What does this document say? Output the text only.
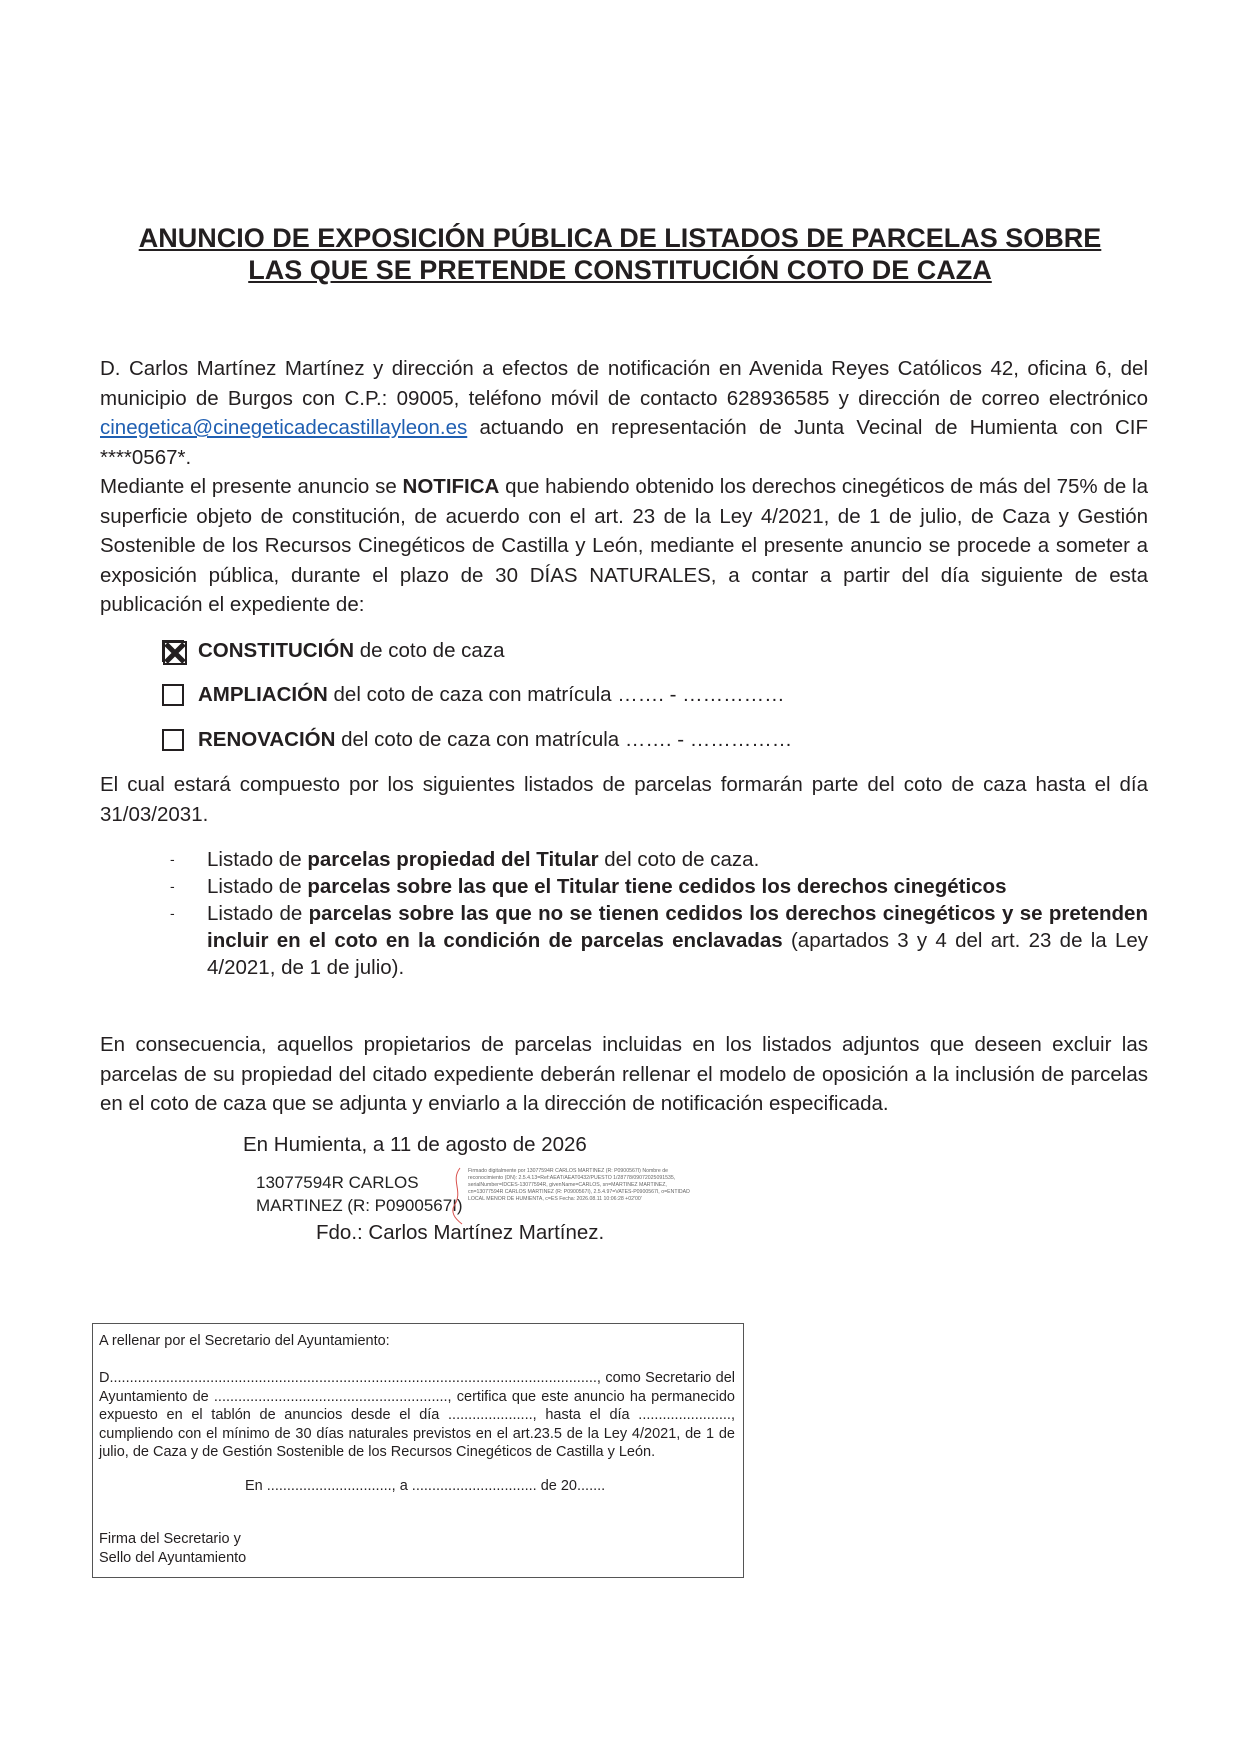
ANUNCIO DE EXPOSICIÓN PÚBLICA DE LISTADOS DE PARCELAS SOBRE
LAS QUE SE PRETENDE CONSTITUCIÓN COTO DE CAZA
D. Carlos Martínez Martínez y dirección a efectos de notificación en Avenida Reyes Católicos 42, oficina 6, del municipio de Burgos con C.P.: 09005, teléfono móvil de contacto 628936585 y dirección de correo electrónico cinegetica@cinegeticadecastillayleon.es actuando en representación de Junta Vecinal de Humienta con CIF ****0567*.
Mediante el presente anuncio se NOTIFICA que habiendo obtenido los derechos cinegéticos de más del 75% de la superficie objeto de constitución, de acuerdo con el art. 23 de la Ley 4/2021, de 1 de julio, de Caza y Gestión Sostenible de los Recursos Cinegéticos de Castilla y León, mediante el presente anuncio se procede a someter a exposición pública, durante el plazo de 30 DÍAS NATURALES, a contar a partir del día siguiente de esta publicación el expediente de:
CONSTITUCIÓN de coto de caza
AMPLIACIÓN del coto de caza con matrícula ……. - ……………
RENOVACIÓN del coto de caza con matrícula ……. - ……………
El cual estará compuesto por los siguientes listados de parcelas formarán parte del coto de caza hasta el día 31/03/2031.
- Listado de parcelas propiedad del Titular del coto de caza.
- Listado de parcelas sobre las que el Titular tiene cedidos los derechos cinegéticos
- Listado de parcelas sobre las que no se tienen cedidos los derechos cinegéticos y se pretenden incluir en el coto en la condición de parcelas enclavadas (apartados 3 y 4 del art. 23 de la Ley 4/2021, de 1 de julio).
En consecuencia, aquellos propietarios de parcelas incluidas en los listados adjuntos que deseen excluir las parcelas de su propiedad del citado expediente deberán rellenar el modelo de oposición a la inclusión de parcelas en el coto de caza que se adjunta y enviarlo a la dirección de notificación especificada.
En Humienta, a 11 de agosto de 2026
13077594R CARLOS
MARTINEZ (R: P0900567I)
Firmado digitalmente por 13077594R CARLOS MARTINEZ (R: P0900567I) Nombre de reconocimiento (DN): 2.5.4.13=Ref:AEAT/AEAT0432/PUESTO 1/28778/09072025091535, serialNumber=IDCES-13077594R, givenName=CARLOS, sn=MARTINEZ MARTINEZ, cn=13077594R CARLOS MARTINEZ (R: P0900567I), 2.5.4.97=VATES-P0900567I, o=ENTIDAD LOCAL MENOR DE HUMIENTA, c=ES Fecha: 2026.08.11 10:06:28 +02'00'
Fdo.: Carlos Martínez Martínez.
A rellenar por el Secretario del Ayuntamiento:
D........................................................................................................................., como Secretario del Ayuntamiento de .........................................................., certifica que este anuncio ha permanecido expuesto en el tablón de anuncios desde el día ....................., hasta el día ......................., cumpliendo con el mínimo de 30 días naturales previstos en el art.23.5 de la Ley 4/2021, de 1 de julio, de Caza y de Gestión Sostenible de los Recursos Cinegéticos de Castilla y León.
En ..............................., a ............................... de 20.......
Firma del Secretario y
Sello del Ayuntamiento
